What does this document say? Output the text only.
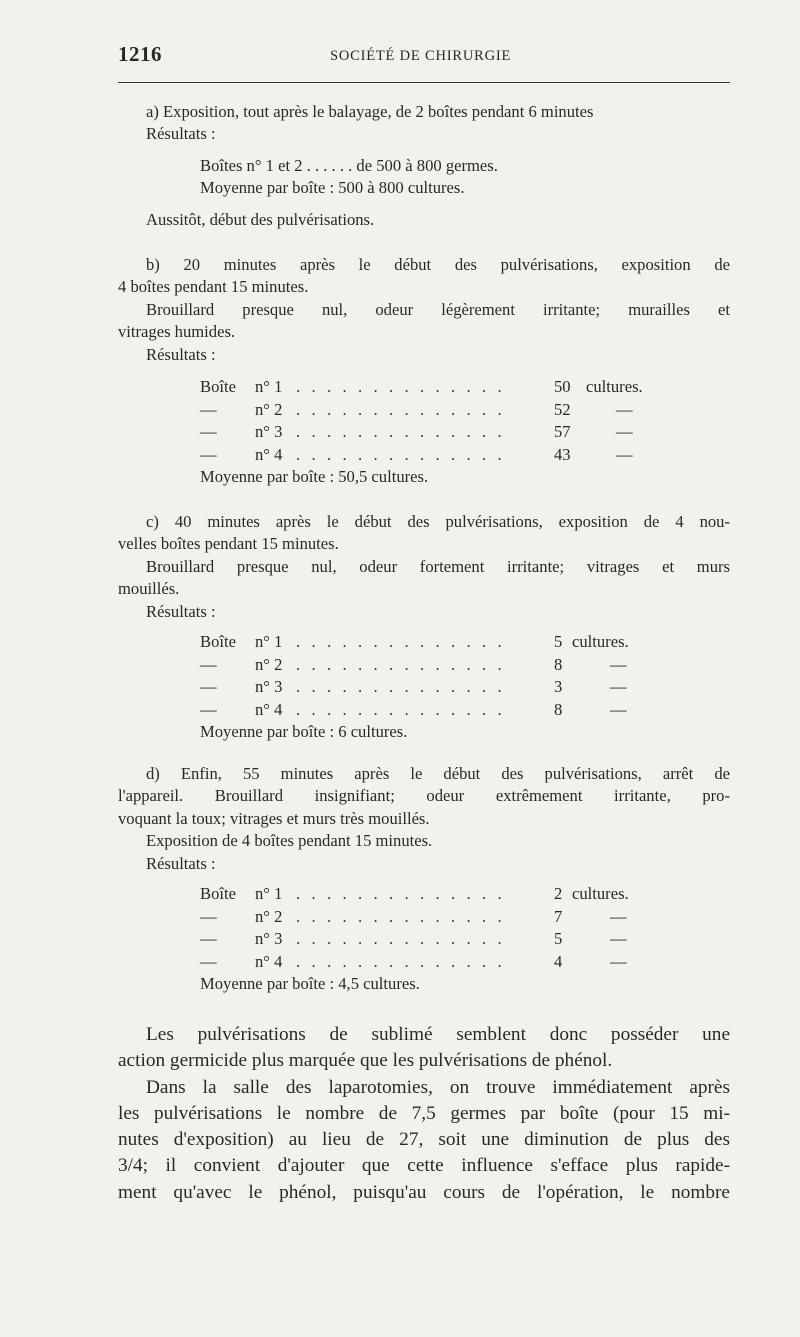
1216	SOCIÉTÉ DE CHIRURGIE

a) Exposition, tout après le balayage, de 2 boîtes pendant 6 minutes

Résultats :

Boîtes n° 1 et 2 . . . . . . de 500 à 800 germes.

Moyenne par boîte : 500 à 800 cultures.

Aussitôt, début des pulvérisations.

b) 20 minutes après le début des pulvérisations, exposition de

4 boîtes pendant 15 minutes.

Brouillard presque nul, odeur légèrement irritante; murailles et

vitrages humides.

Résultats :

Boîte n° 1 . . . . . . . . . . . . . .	50 cultures.
— n° 2 . . . . . . . . . . . . . .	52	—
— n° 3 . . . . . . . . . . . . . .	57	—
— n° 4 . . . . . . . . . . . . . .	43	—

Moyenne par boîte : 50,5 cultures.

c) 40 minutes après le début des pulvérisations, exposition de 4 nou-

velles boîtes pendant 15 minutes.

Brouillard presque nul, odeur fortement irritante; vitrages et murs

mouillés.

Résultats :

Boîte n° 1 . . . . . . . . . . . . . .	5 cultures.
— n° 2 . . . . . . . . . . . . . .	8	—
— n° 3 . . . . . . . . . . . . . .	3	—
— n° 4 . . . . . . . . . . . . . .	8	—

Moyenne par boîte : 6 cultures.

d) Enfin, 55 minutes après le début des pulvérisations, arrêt de

l'appareil. Brouillard insignifiant; odeur extrêmement irritante, pro-

voquant la toux; vitrages et murs très mouillés.

Exposition de 4 boîtes pendant 15 minutes.

Résultats :

Boîte n° 1 . . . . . . . . . . . . . .	2 cultures.
— n° 2 . . . . . . . . . . . . . .	7	—
— n° 3 . . . . . . . . . . . . . .	5	—
— n° 4 . . . . . . . . . . . . . .	4	—

Moyenne par boîte : 4,5 cultures.

Les pulvérisations de sublimé semblent donc posséder une

action germicide plus marquée que les pulvérisations de phénol.

Dans la salle des laparotomies, on trouve immédiatement après

les pulvérisations le nombre de 7,5 germes par boîte (pour 15 mi-

nutes d'exposition) au lieu de 27, soit une diminution de plus des

3/4; il convient d'ajouter que cette influence s'efface plus rapide-

ment qu'avec le phénol, puisqu'au cours de l'opération, le nombre
